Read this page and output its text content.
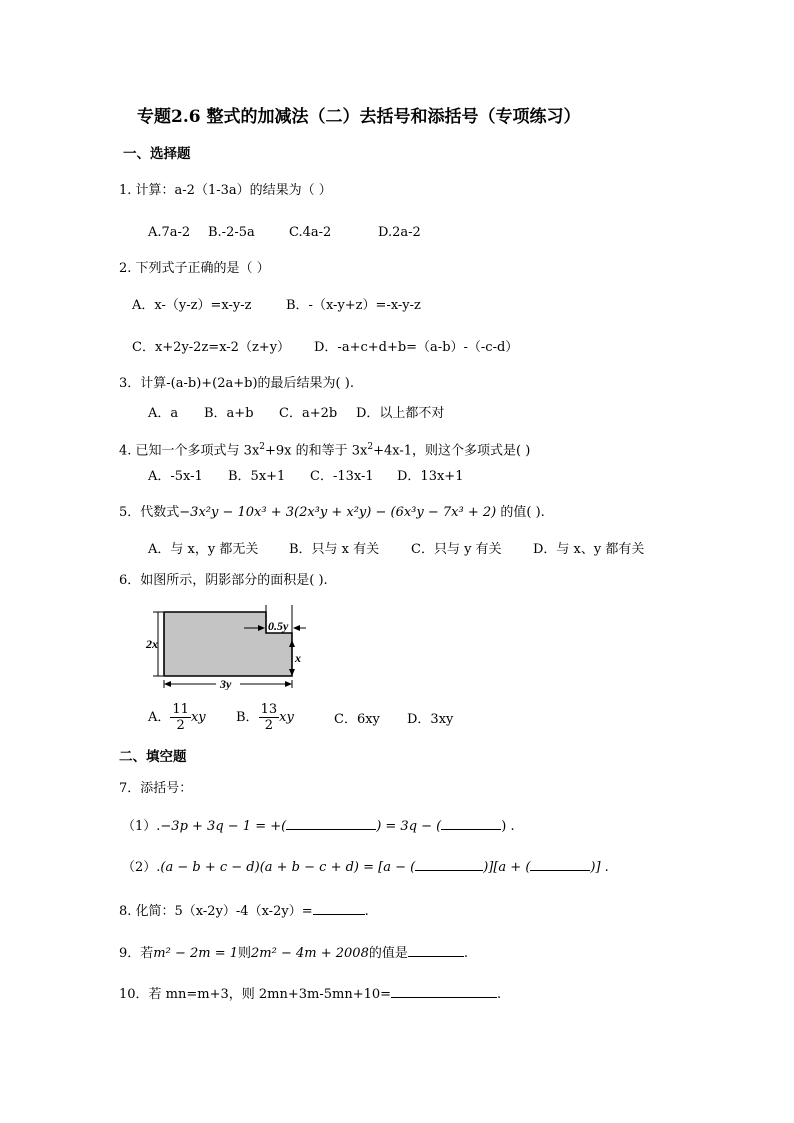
专题2.6 整式的加减法（二）去括号和添括号（专项练习）
一、选择题
1. 计算：a-2（1-3a）的结果为（ ）
A.7a-2 B.-2-5a	C.4a-2	D.2a-2
2. 下列式子正确的是（ ）
A．x-（y-z）=x-y-z	B．-（x-y+z）=-x-y-z
C．x+2y-2z=x-2（z+y） D．-a+c+d+b=（a-b）-（-c-d）
3．计算-(a-b)+(2a+b)的最后结果为( ).
A．a B．a+b C．a+2b D．以上都不对
4. 已知一个多项式与 $3x^2+9x$ 的和等于 $3x^2+4x-1$，则这个多项式是( )
A．-5x-1 B．5x+1 C．-13x-1 D．13x+1
5．代数式−3x²y − 10x³ + 3(2x³y + x²y) − (6x³y − 7x³ + 2) 的值( ).
A．与 x，y 都无关 B．只与 x 有关 C．只与 y 有关 D．与 x、y 都有关
6．如图所示，阴影部分的面积是( ).
2x
0.5y
x
3y
A． $\frac{11}{2}$ xy B． $\frac{13}{2}$ xy	C．6xy D．3xy
二、填空题
7．添括号：
（1）.−3p + 3q − 1 = +(	) = 3q − (	) .
（2）.(a − b + c − d)(a + b − c + d) = [a − (	)][a + (	)] .
8. 化简：5（x-2y）-4（x-2y）=	.
9．若m² − 2m = 1则2m² − 4m + 2008的值是	.
10．若 mn=m+3，则 2mn+3m-5mn+10=	.
